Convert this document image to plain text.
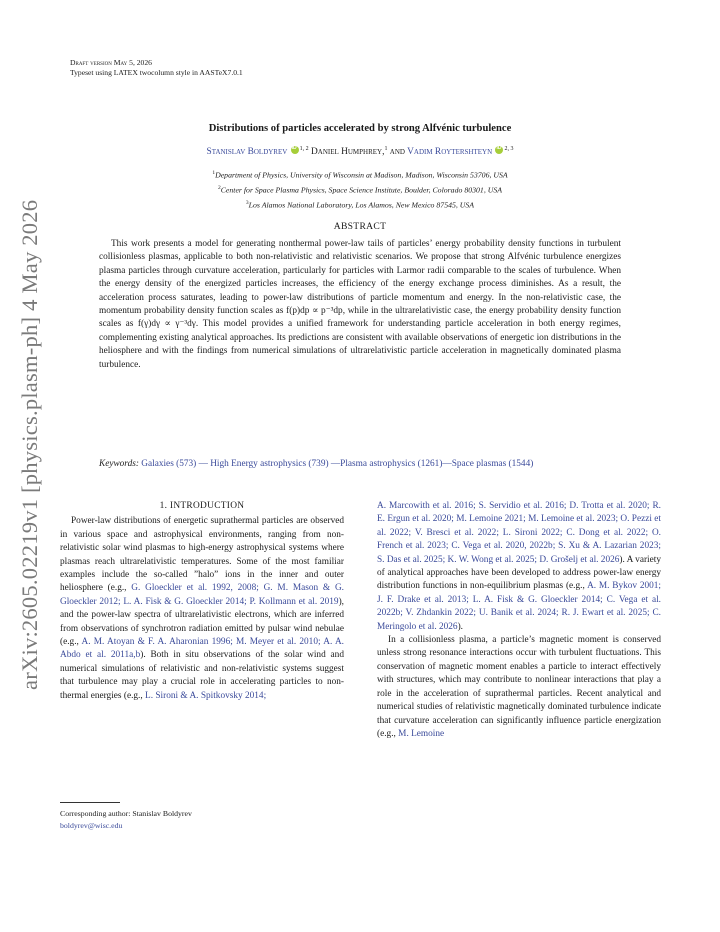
Draft version May 5, 2026
Typeset using LATEX twocolumn style in AASTeX7.0.1
arXiv:2605.02219v1 [physics.plasm-ph] 4 May 2026
Distributions of particles accelerated by strong Alfvénic turbulence
Stanislav Boldyrev iD $^{1, 2}$ Daniel Humphrey,$^1$ and Vadim Roytershteyn iD $^{2, 3}$
$^1$Department of Physics, University of Wisconsin at Madison, Madison, Wisconsin 53706, USA
$^2$Center for Space Plasma Physics, Space Science Institute, Boulder, Colorado 80301, USA
$^3$Los Alamos National Laboratory, Los Alamos, New Mexico 87545, USA
ABSTRACT

This work presents a model for generating nonthermal power-law tails of particles’ energy probability density functions in turbulent collisionless plasmas, applicable to both non-relativistic and relativistic scenarios. We propose that strong Alfvénic turbulence energizes plasma particles through curvature acceleration, particularly for particles with Larmor radii comparable to the scales of turbulence. When the energy density of the energized particles increases, the efficiency of the energy exchange process diminishes. As a result, the acceleration process saturates, leading to power-law distributions of particle momentum and energy. In the non-relativistic case, the momentum probability density function scales as f(p)dp ∝ p⁻³dp, while in the ultrarelativistic case, the energy probability density function scales as f(γ)dγ ∝ γ⁻³dγ. This model provides a unified framework for understanding particle acceleration in both energy regimes, complementing existing analytical approaches. Its predictions are consistent with available observations of energetic ion distributions in the heliosphere and with the findings from numerical simulations of ultrarelativistic particle acceleration in magnetically dominated plasma turbulence.

Keywords: Galaxies (573) — High Energy astrophysics (739) —Plasma astrophysics (1261)—Space plasmas (1544)
1. INTRODUCTION

Power-law distributions of energetic suprathermal particles are observed in various space and astrophysical environments, ranging from non-relativistic solar wind plasmas to high-energy astrophysical systems where plasmas reach ultrarelativistic temperatures. Some of the most familiar examples include the so-called ”halo” ions in the inner and outer heliosphere (e.g., G. Gloeckler et al. 1992, 2008; G. M. Mason & G. Gloeckler 2012; L. A. Fisk & G. Gloeckler 2014; P. Kollmann et al. 2019), and the power-law spectra of ultrarelativistic electrons, which are inferred from observations of synchrotron radiation emitted by pulsar wind nebulae (e.g., A. M. Atoyan & F. A. Aharonian 1996; M. Meyer et al. 2010; A. A. Abdo et al. 2011a,b). Both in situ observations of the solar wind and numerical simulations of relativistic and non-relativistic systems suggest that turbulence may play a crucial role in accelerating particles to non-thermal energies (e.g., L. Sironi & A. Spitkovsky 2014;

Corresponding author: Stanislav Boldyrev
boldyrev@wisc.edu

A. Marcowith et al. 2016; S. Servidio et al. 2016; D. Trotta et al. 2020; R. E. Ergun et al. 2020; M. Lemoine 2021; M. Lemoine et al. 2023; O. Pezzi et al. 2022; V. Bresci et al. 2022; L. Sironi 2022; C. Dong et al. 2022; O. French et al. 2023; C. Vega et al. 2020, 2022b; S. Xu & A. Lazarian 2023; S. Das et al. 2025; K. W. Wong et al. 2025; D. Grošelj et al. 2026). A variety of analytical approaches have been developed to address power-law energy distribution functions in non-equilibrium plasmas (e.g., A. M. Bykov 2001; J. F. Drake et al. 2013; L. A. Fisk & G. Gloeckler 2014; C. Vega et al. 2022b; V. Zhdankin 2022; U. Banik et al. 2024; R. J. Ewart et al. 2025; C. Meringolo et al. 2026).

In a collisionless plasma, a particle’s magnetic moment is conserved unless strong resonance interactions occur with turbulent fluctuations. This conservation of magnetic moment enables a particle to interact effectively with structures, which may contribute to nonlinear interactions that play a role in the acceleration of suprathermal particles. Recent analytical and numerical studies of relativistic magnetically dominated turbulence indicate that curvature acceleration can significantly influence particle energization (e.g., M. Lemoine
